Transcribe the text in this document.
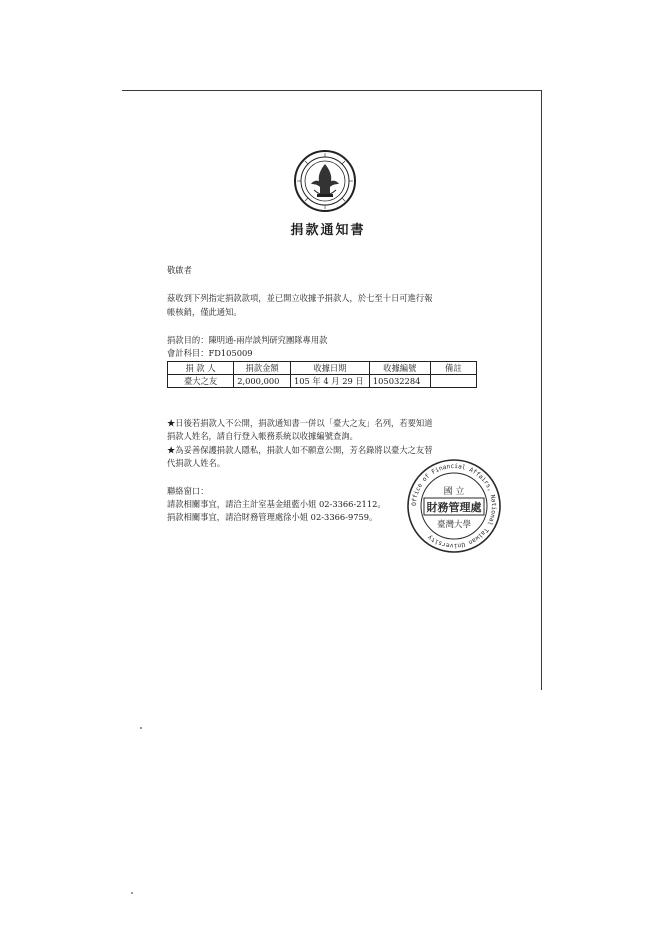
捐款通知書
敬啟者
茲收到下列指定捐款款項，並已開立收據予捐款人，於七至十日可進行報
帳核銷，僅此通知。
捐款目的：陳明通-兩岸談判研究團隊專用款
會計科目：FD105009
捐 款 人	捐款金額	收據日期	收據編號	備註
臺大之友	2,000,000	105 年 4 月 29 日	105032284	
★日後若捐款人不公開，捐款通知書一併以「臺大之友」名列，若要知道
捐款人姓名，請自行登入帳務系統以收據編號查詢。
★為妥善保護捐款人隱私，捐款人如不願意公開，芳名錄將以臺大之友替
代捐款人姓名。
聯絡窗口：
請款相關事宜，請洽主計室基金組藍小姐 02-3366-2112。
捐款相關事宜，請洽財務管理處徐小姐 02-3366-9759。
Office of Financial Affairs, National Taiwan University
國 立
財務管理處
臺灣大學
